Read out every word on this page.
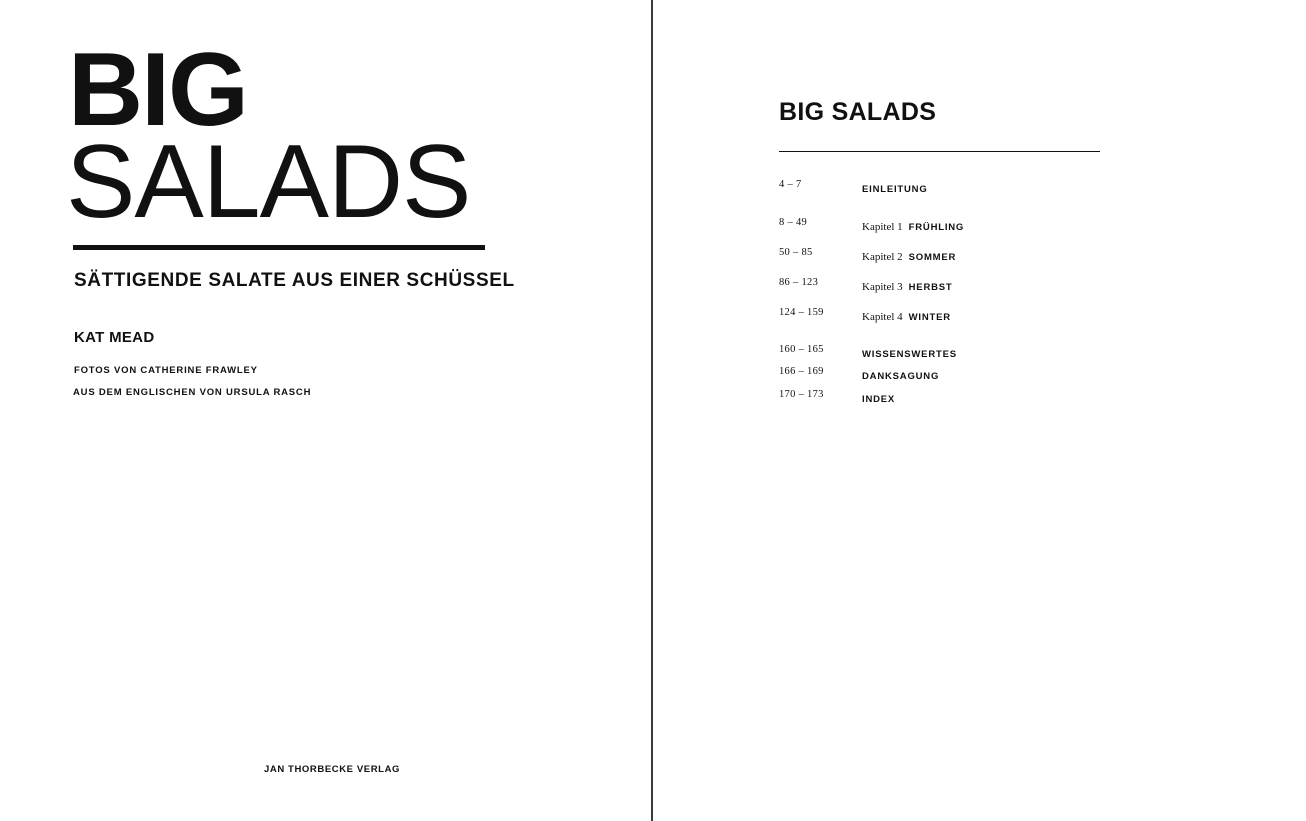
BIG
SALADS
SÄTTIGENDE SALATE AUS EINER SCHÜSSEL
KAT MEAD
FOTOS VON CATHERINE FRAWLEY
AUS DEM ENGLISCHEN VON URSULA RASCH
JAN THORBECKE VERLAG
BIG SALADS
4 – 7	EINLEITUNG
8 – 49	Kapitel 1 FRÜHLING
50 – 85	Kapitel 2 SOMMER
86 – 123	Kapitel 3 HERBST
124 – 159	Kapitel 4 WINTER
160 – 165	WISSENSWERTES
166 – 169	DANKSAGUNG
170 – 173	INDEX
